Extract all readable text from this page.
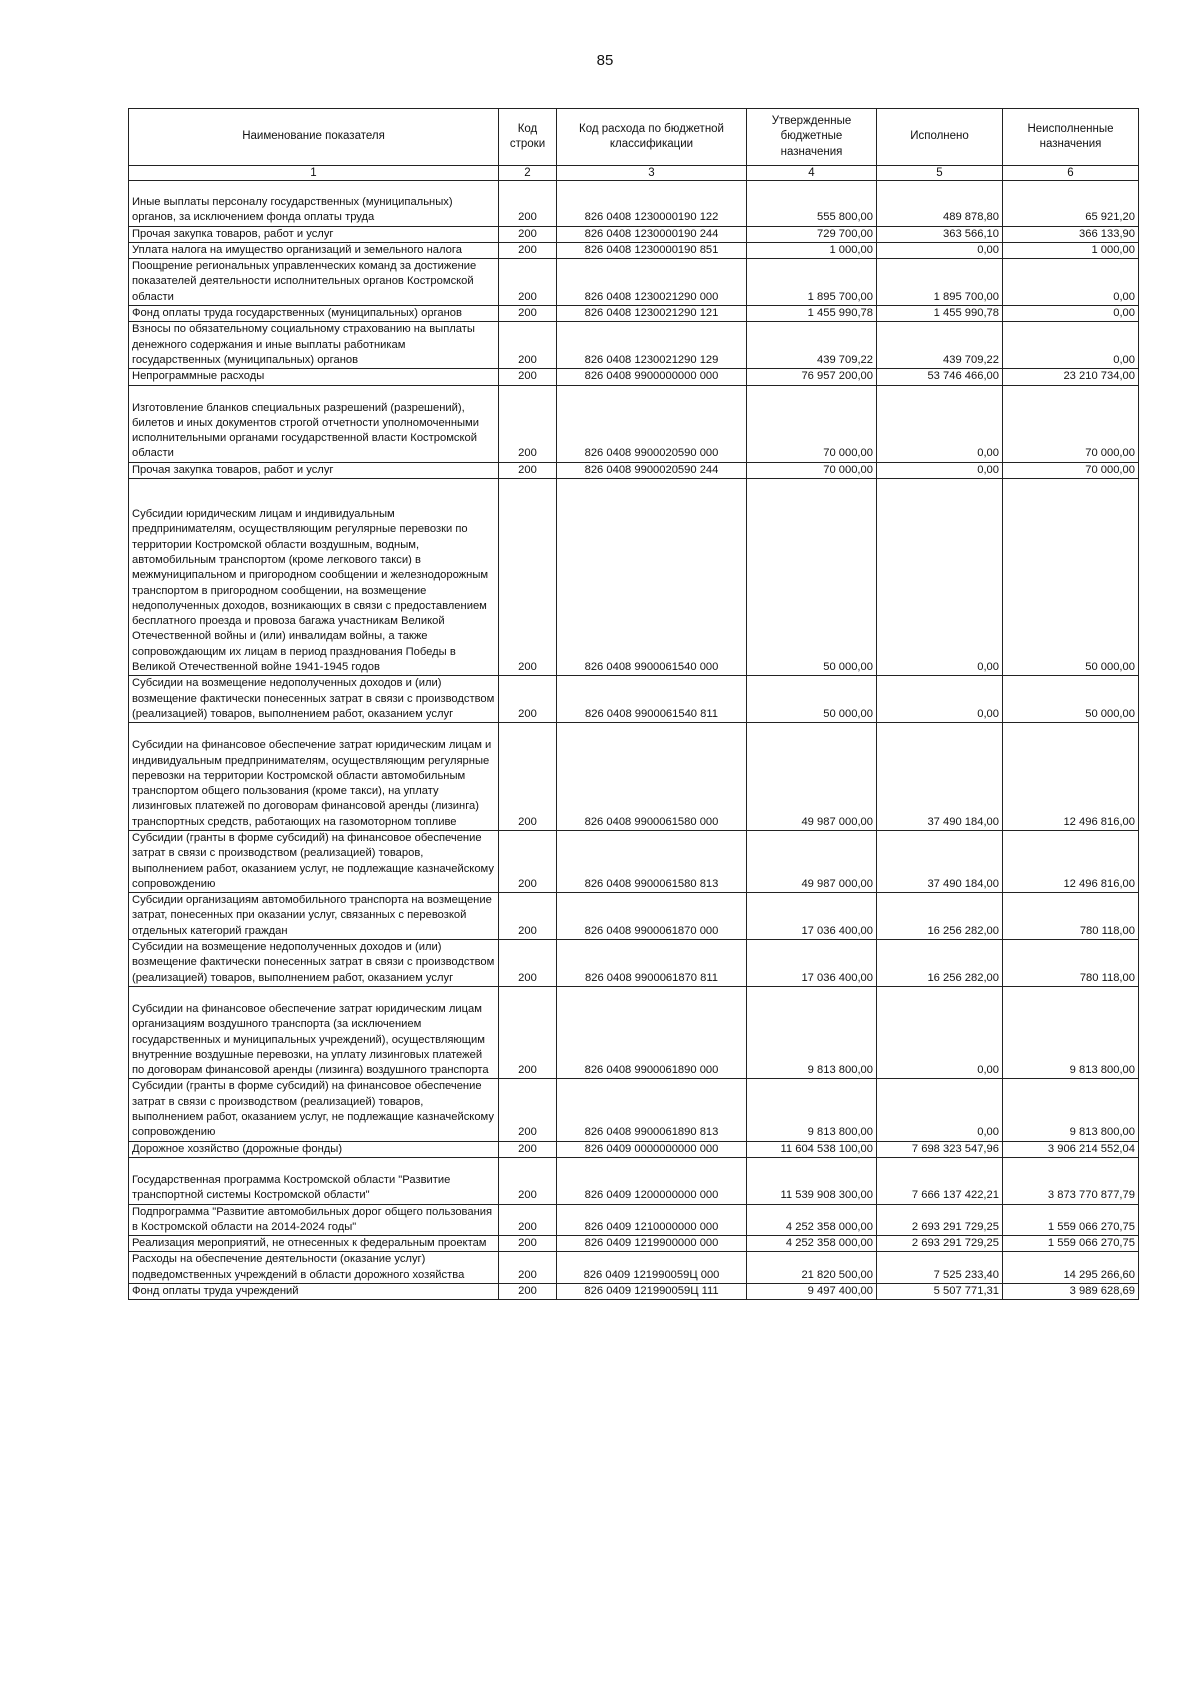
85
Наименование показателя	Код строки	Код расхода по бюджетной классификации	Утвержденные бюджетные назначения	Исполнено	Неисполненные назначения
1	2	3	4	5	6
Иные выплаты персоналу государственных (муниципальных) органов, за исключением фонда оплаты труда	200	826 0408 1230000190 122	555 800,00	489 878,80	65 921,20
Прочая закупка товаров, работ и услуг	200	826 0408 1230000190 244	729 700,00	363 566,10	366 133,90
Уплата налога на имущество организаций и земельного налога	200	826 0408 1230000190 851	1 000,00	0,00	1 000,00
Поощрение региональных управленческих команд за достижение показателей деятельности исполнительных органов Костромской области	200	826 0408 1230021290 000	1 895 700,00	1 895 700,00	0,00
Фонд оплаты труда государственных (муниципальных) органов	200	826 0408 1230021290 121	1 455 990,78	1 455 990,78	0,00
Взносы по обязательному социальному страхованию на выплаты денежного содержания и иные выплаты работникам государственных (муниципальных) органов	200	826 0408 1230021290 129	439 709,22	439 709,22	0,00
Непрограммные расходы	200	826 0408 9900000000 000	76 957 200,00	53 746 466,00	23 210 734,00
Изготовление бланков специальных разрешений (разрешений), билетов и иных документов строгой отчетности уполномоченными исполнительными органами государственной власти Костромской области	200	826 0408 9900020590 000	70 000,00	0,00	70 000,00
Прочая закупка товаров, работ и услуг	200	826 0408 9900020590 244	70 000,00	0,00	70 000,00
Субсидии юридическим лицам и индивидуальным предпринимателям, осуществляющим регулярные перевозки по территории Костромской области воздушным, водным, автомобильным транспортом (кроме легкового такси) в межмуниципальном и пригородном сообщении и железнодорожным транспортом в пригородном сообщении, на возмещение недополученных доходов, возникающих в связи с предоставлением бесплатного проезда и провоза багажа участникам Великой Отечественной войны и (или) инвалидам войны, а также сопровождающим их лицам в период празднования Победы в Великой Отечественной войне 1941-1945 годов	200	826 0408 9900061540 000	50 000,00	0,00	50 000,00
Субсидии на возмещение недополученных доходов и (или) возмещение фактически понесенных затрат в связи с производством (реализацией) товаров, выполнением работ, оказанием услуг	200	826 0408 9900061540 811	50 000,00	0,00	50 000,00
Субсидии на финансовое обеспечение затрат юридическим лицам и индивидуальным предпринимателям, осуществляющим регулярные перевозки на территории Костромской области автомобильным транспортом общего пользования (кроме такси), на уплату лизинговых платежей по договорам финансовой аренды (лизинга) транспортных средств, работающих на газомоторном топливе	200	826 0408 9900061580 000	49 987 000,00	37 490 184,00	12 496 816,00
Субсидии (гранты в форме субсидий) на финансовое обеспечение затрат в связи с производством (реализацией) товаров, выполнением работ, оказанием услуг, не подлежащие казначейскому сопровождению	200	826 0408 9900061580 813	49 987 000,00	37 490 184,00	12 496 816,00
Субсидии организациям автомобильного транспорта на возмещение затрат, понесенных при оказании услуг, связанных с перевозкой отдельных категорий граждан	200	826 0408 9900061870 000	17 036 400,00	16 256 282,00	780 118,00
Субсидии на возмещение недополученных доходов и (или) возмещение фактически понесенных затрат в связи с производством (реализацией) товаров, выполнением работ, оказанием услуг	200	826 0408 9900061870 811	17 036 400,00	16 256 282,00	780 118,00
Субсидии на финансовое обеспечение затрат юридическим лицам организациям воздушного транспорта (за исключением государственных и муниципальных учреждений), осуществляющим внутренние воздушные перевозки, на уплату лизинговых платежей по договорам финансовой аренды (лизинга) воздушного транспорта	200	826 0408 9900061890 000	9 813 800,00	0,00	9 813 800,00
Субсидии (гранты в форме субсидий) на финансовое обеспечение затрат в связи с производством (реализацией) товаров, выполнением работ, оказанием услуг, не подлежащие казначейскому сопровождению	200	826 0408 9900061890 813	9 813 800,00	0,00	9 813 800,00
Дорожное хозяйство (дорожные фонды)	200	826 0409 0000000000 000	11 604 538 100,00	7 698 323 547,96	3 906 214 552,04
Государственная программа Костромской области "Развитие транспортной системы Костромской области"	200	826 0409 1200000000 000	11 539 908 300,00	7 666 137 422,21	3 873 770 877,79
Подпрограмма "Развитие автомобильных дорог общего пользования в Костромской области на 2014-2024 годы"	200	826 0409 1210000000 000	4 252 358 000,00	2 693 291 729,25	1 559 066 270,75
Реализация мероприятий, не отнесенных к федеральным проектам	200	826 0409 1219900000 000	4 252 358 000,00	2 693 291 729,25	1 559 066 270,75
Расходы на обеспечение деятельности (оказание услуг) подведомственных учреждений в области дорожного хозяйства	200	826 0409 121990059Ц 000	21 820 500,00	7 525 233,40	14 295 266,60
Фонд оплаты труда учреждений	200	826 0409 121990059Ц 111	9 497 400,00	5 507 771,31	3 989 628,69
